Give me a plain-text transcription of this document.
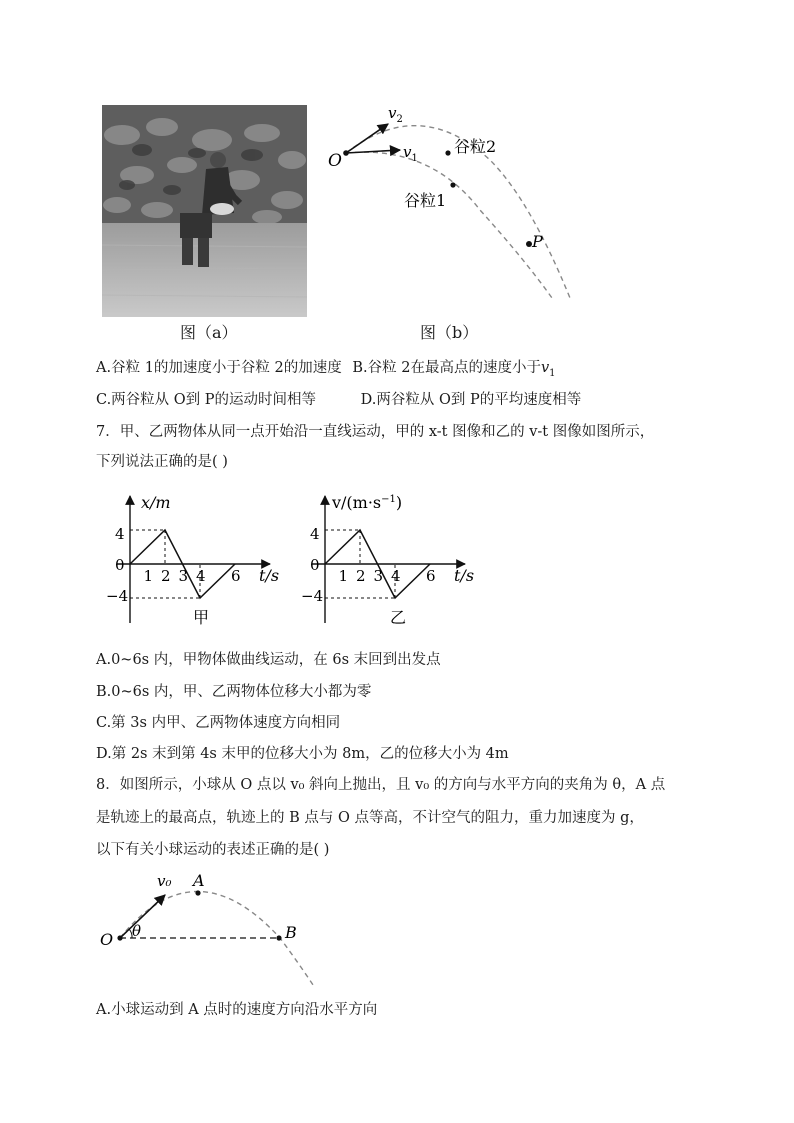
图（a）
O
$v_2$
$v_1$
谷粒2
谷粒1
P
图（b）
A.谷粒 1的加速度小于谷粒 2的加速度 B.谷粒 2在最高点的速度小于$v_1$
C.两谷粒从 O到 P的运动时间相等	D.两谷粒从 O到 P的平均速度相等
7．甲、乙两物体从同一点开始沿一直线运动，甲的 x-t 图像和乙的 v-t 图像如图所示，
下列说法正确的是( )
x/m
t/s
甲
4
0
−4
1 2 3 4 6
$v/(m\cdot s^{-1})$
t/s
乙
4
0
−4
1 2 3 4 6
A.0~6s 内，甲物体做曲线运动，在 6s 末回到出发点
B.0~6s 内，甲、乙两物体位移大小都为零
C.第 3s 内甲、乙两物体速度方向相同
D.第 2s 末到第 4s 末甲的位移大小为 8m，乙的位移大小为 4m
8．如图所示，小球从 O 点以 v₀ 斜向上抛出，且 v₀ 的方向与水平方向的夹角为 θ，A 点
是轨迹上的最高点，轨迹上的 B 点与 O 点等高，不计空气的阻力，重力加速度为 g，
以下有关小球运动的表述正确的是( )
v₀ A
O θ	B
A.小球运动到 A 点时的速度方向沿水平方向
